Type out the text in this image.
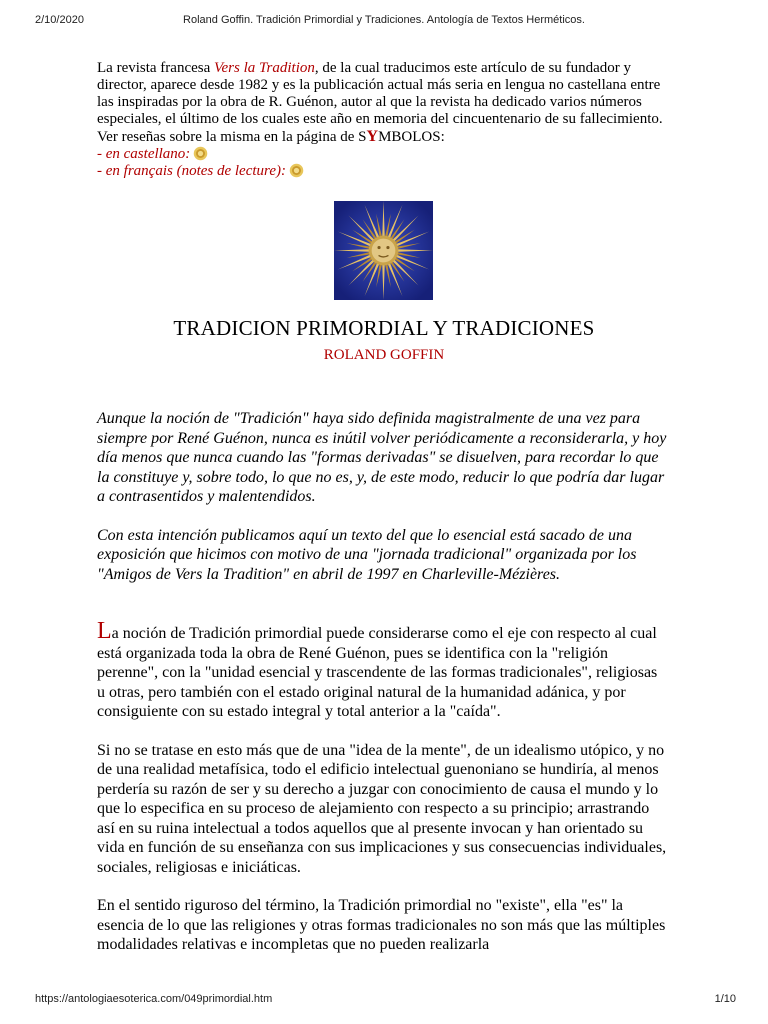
2/10/2020	Roland Goffin. Tradición Primordial y Tradiciones. Antología de Textos Herméticos.

La revista francesa Vers la Tradition, de la cual traducimos este artículo de su fundador y director, aparece desde 1982 y es la publicación actual más seria en lengua no castellana entre las inspiradas por la obra de R. Guénon, autor al que la revista ha dedicado varios números especiales, el último de los cuales este año en memoria del cincuentenario de su fallecimiento. Ver reseñas sobre la misma en la página de SYMBOLOS:

- en castellano:

- en français (notes de lecture):

TRADICION PRIMORDIAL Y TRADICIONES
ROLAND GOFFIN

Aunque la noción de "Tradición" haya sido definida magistralmente de una vez para siempre por René Guénon, nunca es inútil volver periódicamente a reconsiderarla, y hoy día menos que nunca cuando las "formas derivadas" se disuelven, para recordar lo que la constituye y, sobre todo, lo que no es, y, de este modo, reducir lo que podría dar lugar a contrasentidos y malentendidos.

Con esta intención publicamos aquí un texto del que lo esencial está sacado de una exposición que hicimos con motivo de una "jornada tradicional" organizada por los "Amigos de Vers la Tradition" en abril de 1997 en Charleville-Mézières.

La noción de Tradición primordial puede considerarse como el eje con respecto al cual está organizada toda la obra de René Guénon, pues se identifica con la "religión perenne", con la "unidad esencial y trascendente de las formas tradicionales", religiosas u otras, pero también con el estado original natural de la humanidad adánica, y por consiguiente con su estado integral y total anterior a la "caída".

Si no se tratase en esto más que de una "idea de la mente", de un idealismo utópico, y no de una realidad metafísica, todo el edificio intelectual guenoniano se hundiría, al menos perdería su razón de ser y su derecho a juzgar con conocimiento de causa el mundo y lo que lo especifica en su proceso de alejamiento con respecto a su principio; arrastrando así en su ruina intelectual a todos aquellos que al presente invocan y han orientado su vida en función de su enseñanza con sus implicaciones y sus consecuencias individuales, sociales, religiosas e iniciáticas.

En el sentido riguroso del término, la Tradición primordial no "existe", ella "es" la esencia de lo que las religiones y otras formas tradicionales no son más que las múltiples modalidades relativas e incompletas que no pueden realizarla

https://antologiaesoterica.com/049primordial.htm	1/10
